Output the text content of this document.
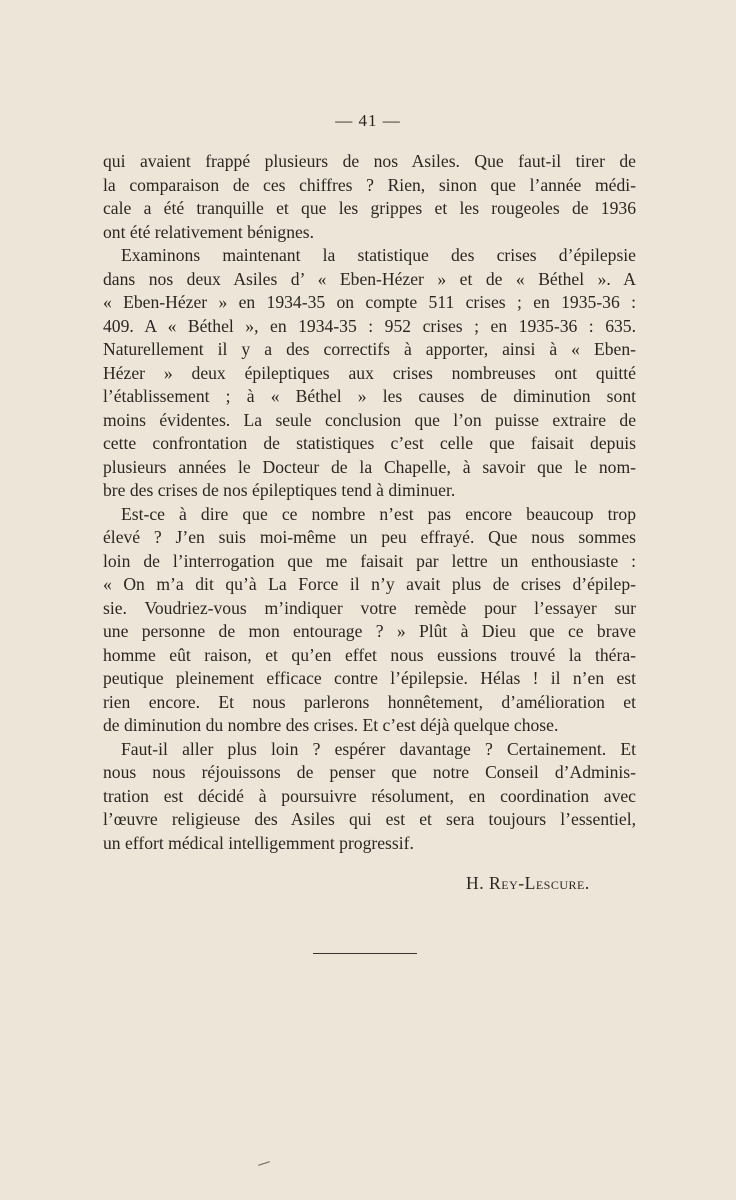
— 41 —
qui avaient frappé plusieurs de nos Asiles. Que faut-il tirer de
la comparaison de ces chiffres ? Rien, sinon que l’année médi-
cale a été tranquille et que les grippes et les rougeoles de 1936
ont été relativement bénignes.
Examinons maintenant la statistique des crises d’épilepsie
dans nos deux Asiles d’ « Eben-Hézer » et de « Béthel ». A
« Eben-Hézer » en 1934-35 on compte 511 crises ; en 1935-36 :
409. A « Béthel », en 1934-35 : 952 crises ; en 1935-36 : 635.
Naturellement il y a des correctifs à apporter, ainsi à « Eben-
Hézer » deux épileptiques aux crises nombreuses ont quitté
l’établissement ; à « Béthel » les causes de diminution sont
moins évidentes. La seule conclusion que l’on puisse extraire de
cette confrontation de statistiques c’est celle que faisait depuis
plusieurs années le Docteur de la Chapelle, à savoir que le nom-
bre des crises de nos épileptiques tend à diminuer.
Est-ce à dire que ce nombre n’est pas encore beaucoup trop
élevé ? J’en suis moi-même un peu effrayé. Que nous sommes
loin de l’interrogation que me faisait par lettre un enthousiaste :
« On m’a dit qu’à La Force il n’y avait plus de crises d’épilep-
sie. Voudriez-vous m’indiquer votre remède pour l’essayer sur
une personne de mon entourage ? » Plût à Dieu que ce brave
homme eût raison, et qu’en effet nous eussions trouvé la théra-
peutique pleinement efficace contre l’épilepsie. Hélas ! il n’en est
rien encore. Et nous parlerons honnêtement, d’amélioration et
de diminution du nombre des crises. Et c’est déjà quelque chose.
Faut-il aller plus loin ? espérer davantage ? Certainement. Et
nous nous réjouissons de penser que notre Conseil d’Adminis-
tration est décidé à poursuivre résolument, en coordination avec
l’œuvre religieuse des Asiles qui est et sera toujours l’essentiel,
un effort médical intelligemment progressif.
H. Rey-Lescure.
